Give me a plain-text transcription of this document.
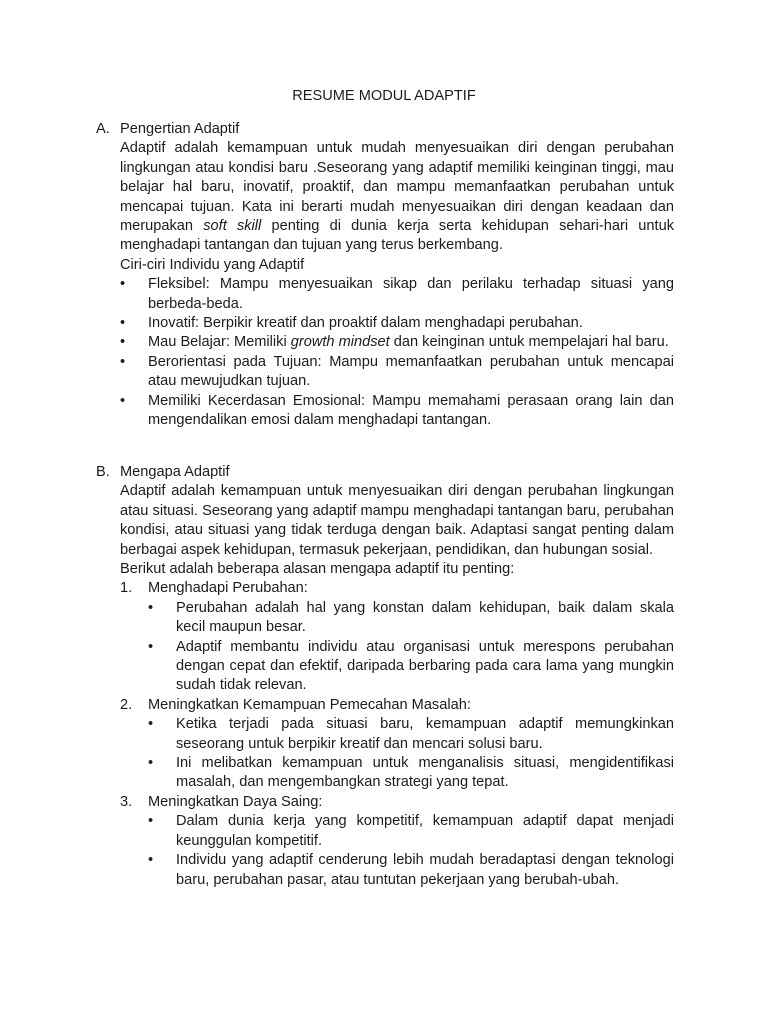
RESUME MODUL ADAPTIF
A. Pengertian Adaptif

Adaptif adalah kemampuan untuk mudah menyesuaikan diri dengan perubahan lingkungan atau kondisi baru .Seseorang yang adaptif memiliki keinginan tinggi, mau belajar hal baru, inovatif, proaktif, dan mampu memanfaatkan perubahan untuk mencapai tujuan. Kata ini berarti mudah menyesuaikan diri dengan keadaan dan merupakan soft skill penting di dunia kerja serta kehidupan sehari-hari untuk menghadapi tantangan dan tujuan yang terus berkembang.

Ciri-ciri Individu yang Adaptif

• Fleksibel: Mampu menyesuaikan sikap dan perilaku terhadap situasi yang berbeda-beda.
• Inovatif: Berpikir kreatif dan proaktif dalam menghadapi perubahan.
• Mau Belajar: Memiliki growth mindset dan keinginan untuk mempelajari hal baru.
• Berorientasi pada Tujuan: Mampu memanfaatkan perubahan untuk mencapai atau mewujudkan tujuan.
• Memiliki Kecerdasan Emosional: Mampu memahami perasaan orang lain dan mengendalikan emosi dalam menghadapi tantangan.
B. Mengapa Adaptif

Adaptif adalah kemampuan untuk menyesuaikan diri dengan perubahan lingkungan atau situasi. Seseorang yang adaptif mampu menghadapi tantangan baru, perubahan kondisi, atau situasi yang tidak terduga dengan baik. Adaptasi sangat penting dalam berbagai aspek kehidupan, termasuk pekerjaan, pendidikan, dan hubungan sosial.

Berikut adalah beberapa alasan mengapa adaptif itu penting:

1. Menghadapi Perubahan:
• Perubahan adalah hal yang konstan dalam kehidupan, baik dalam skala kecil maupun besar.
• Adaptif membantu individu atau organisasi untuk merespons perubahan dengan cepat dan efektif, daripada berbaring pada cara lama yang mungkin sudah tidak relevan.
2. Meningkatkan Kemampuan Pemecahan Masalah:
• Ketika terjadi pada situasi baru, kemampuan adaptif memungkinkan seseorang untuk berpikir kreatif dan mencari solusi baru.
• Ini melibatkan kemampuan untuk menganalisis situasi, mengidentifikasi masalah, dan mengembangkan strategi yang tepat.
3. Meningkatkan Daya Saing:
• Dalam dunia kerja yang kompetitif, kemampuan adaptif dapat menjadi keunggulan kompetitif.
• Individu yang adaptif cenderung lebih mudah beradaptasi dengan teknologi baru, perubahan pasar, atau tuntutan pekerjaan yang berubah-ubah.
